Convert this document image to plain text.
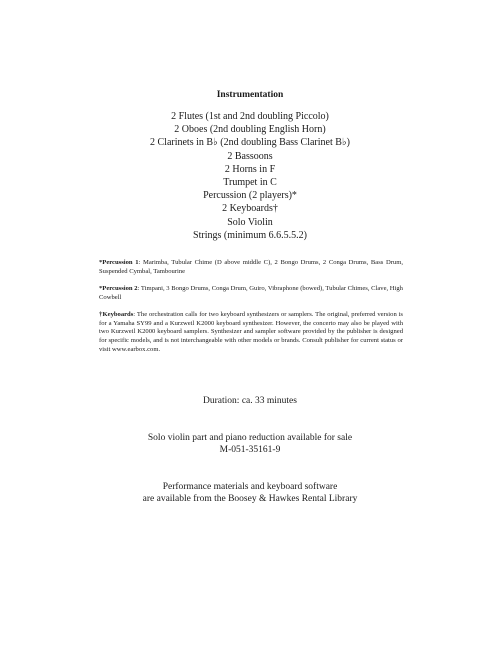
Instrumentation
2 Flutes (1st and 2nd doubling Piccolo)
2 Oboes (2nd doubling English Horn)
2 Clarinets in B♭ (2nd doubling Bass Clarinet B♭)
2 Bassoons
2 Horns in F
Trumpet in C
Percussion (2 players)*
2 Keyboards†
Solo Violin
Strings (minimum 6.6.5.5.2)

*Percussion 1: Marimba, Tubular Chime (D above middle C), 2 Bongo Drums, 2 Conga Drums, Bass Drum, Suspended Cymbal, Tambourine

*Percussion 2: Timpani, 3 Bongo Drums, Conga Drum, Guiro, Vibraphone (bowed), Tubular Chimes, Clave, High Cowbell

†Keyboards: The orchestration calls for two keyboard synthesizers or samplers. The original, preferred version is for a Yamaha SY99 and a Kurzweil K2000 keyboard synthesizer. However, the concerto may also be played with two Kurzweil K2000 keyboard samplers. Synthesizer and sampler software provided by the publisher is designed for specific models, and is not interchangeable with other models or brands. Consult publisher for current status or visit www.earbox.com.

Duration: ca. 33 minutes
Solo violin part and piano reduction available for sale
M-051-35161-9
Performance materials and keyboard software
are available from the Boosey & Hawkes Rental Library
